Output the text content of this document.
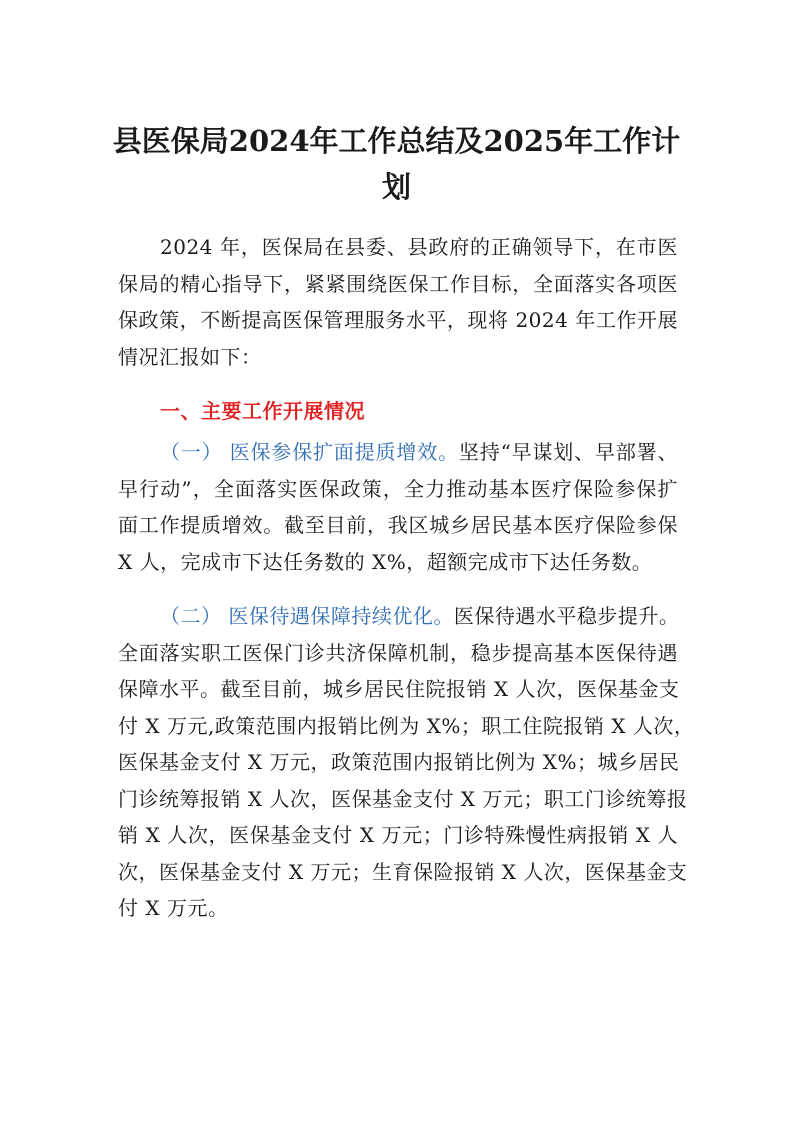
县医保局2024年工作总结及2025年工作计
划
2024 年，医保局在县委、县政府的正确领导下，在市医
保局的精心指导下，紧紧围绕医保工作目标，全面落实各项医
保政策，不断提高医保管理服务水平，现将 2024 年工作开展
情况汇报如下：
一、主要工作开展情况
（一） 医保参保扩面提质增效。坚持“早谋划、早部署、
早行动”，全面落实医保政策，全力推动基本医疗保险参保扩
面工作提质增效。截至目前，我区城乡居民基本医疗保险参保
X 人，完成市下达任务数的 X%，超额完成市下达任务数。
（二） 医保待遇保障持续优化。医保待遇水平稳步提升。
全面落实职工医保门诊共济保障机制，稳步提高基本医保待遇
保障水平。截至目前，城乡居民住院报销 X 人次，医保基金支
付 X 万元,政策范围内报销比例为 X%；职工住院报销 X 人次，
医保基金支付 X 万元，政策范围内报销比例为 X%；城乡居民
门诊统筹报销 X 人次，医保基金支付 X 万元；职工门诊统筹报
销 X 人次，医保基金支付 X 万元；门诊特殊慢性病报销 X 人
次，医保基金支付 X 万元；生育保险报销 X 人次，医保基金支
付 X 万元。
